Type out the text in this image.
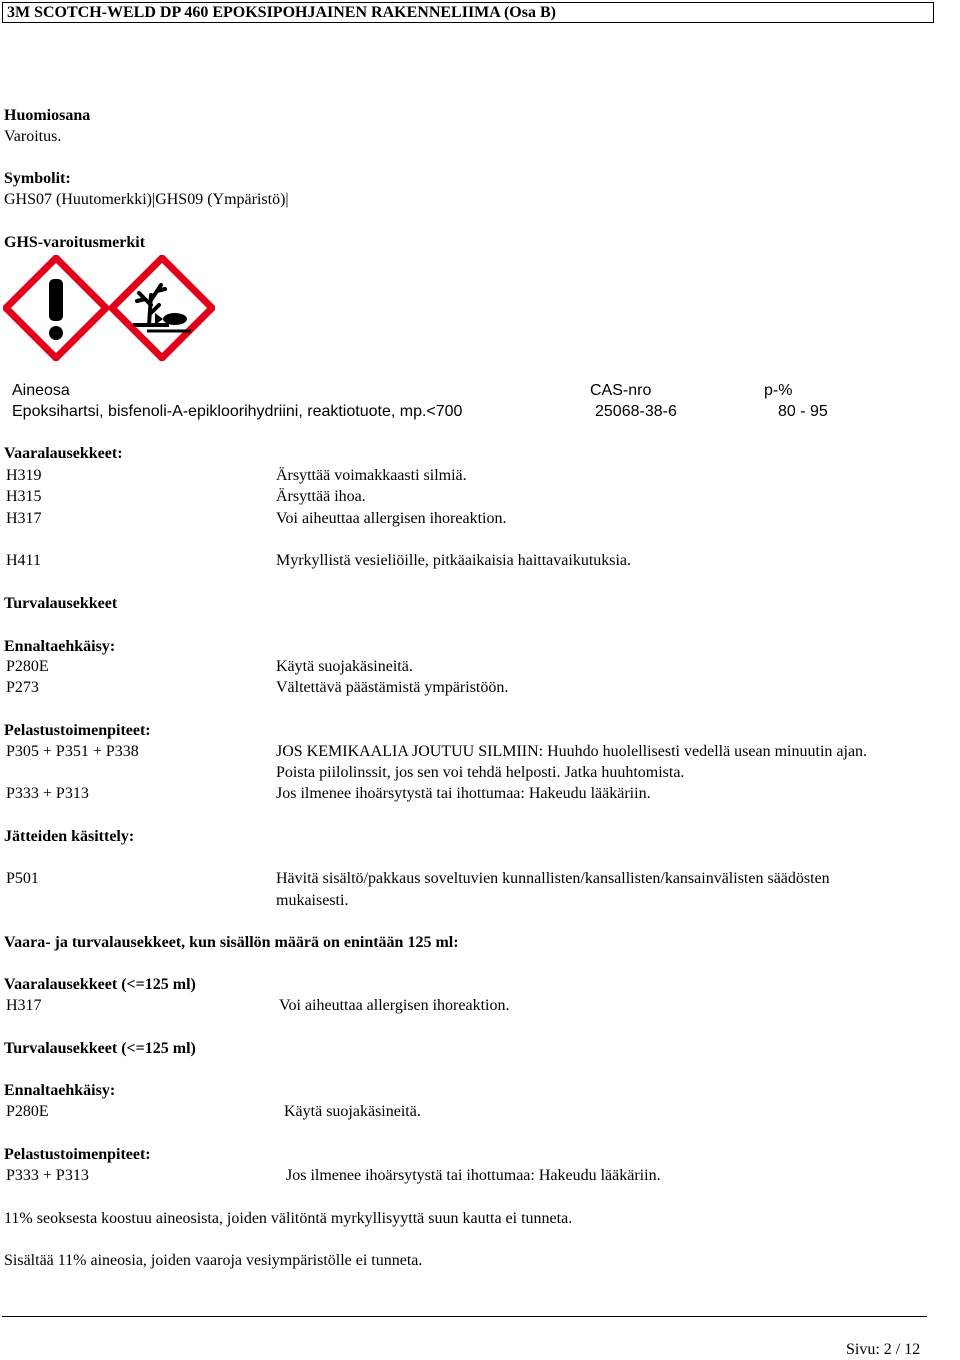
3M SCOTCH-WELD DP 460 EPOKSIPOHJAINEN RAKENNELIIMA (Osa B)
Huomiosana
Varoitus.
Symbolit:
GHS07 (Huutomerkki)|GHS09 (Ympäristö)|
GHS-varoitusmerkit
Aineosa	CAS-nro	p-%
Epoksihartsi, bisfenoli-A-epikloorihydriini, reaktiotuote, mp.<700	25068-38-6	80 - 95
Vaaralausekkeet:
H319	Ärsyttää voimakkaasti silmiä.
H315	Ärsyttää ihoa.
H317	Voi aiheuttaa allergisen ihoreaktion.
H411	Myrkyllistä vesieliöille, pitkäaikaisia haittavaikutuksia.
Turvalausekkeet
Ennaltaehkäisy:
P280E	Käytä suojakäsineitä.
P273	Vältettävä päästämistä ympäristöön.
Pelastustoimenpiteet:
P305 + P351 + P338	JOS KEMIKAALIA JOUTUU SILMIIN: Huuhdo huolellisesti vedellä usean minuutin ajan.
Poista piilolinssit, jos sen voi tehdä helposti. Jatka huuhtomista.
P333 + P313	Jos ilmenee ihoärsytystä tai ihottumaa: Hakeudu lääkäriin.
Jätteiden käsittely:
P501	Hävitä sisältö/pakkaus soveltuvien kunnallisten/kansallisten/kansainvälisten säädösten
mukaisesti.
Vaara- ja turvalausekkeet, kun sisällön määrä on enintään 125 ml:
Vaaralausekkeet (<=125 ml)
H317	Voi aiheuttaa allergisen ihoreaktion.
Turvalausekkeet (<=125 ml)
Ennaltaehkäisy:
P280E	Käytä suojakäsineitä.
Pelastustoimenpiteet:
P333 + P313	Jos ilmenee ihoärsytystä tai ihottumaa: Hakeudu lääkäriin.
11% seoksesta koostuu aineosista, joiden välitöntä myrkyllisyyttä suun kautta ei tunneta.
Sisältää 11% aineosia, joiden vaaroja vesiympäristölle ei tunneta.
Sivu: 2 / 12
